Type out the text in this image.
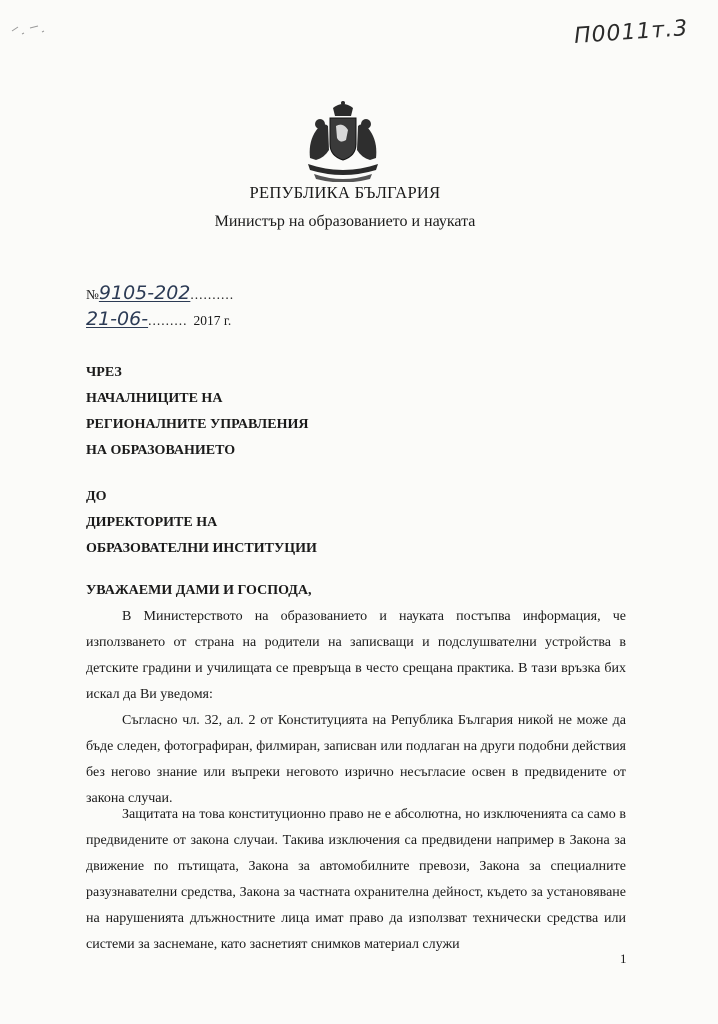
П0011т.3
РЕПУБЛИКА БЪЛГАРИЯ
Министър на образованието и науката
№9105-202..........
21-06-......... 2017 г.
ЧРЕЗ
НАЧАЛНИЦИТЕ НА
РЕГИОНАЛНИТЕ УПРАВЛЕНИЯ
НА ОБРАЗОВАНИЕТО
ДО
ДИРЕКТОРИТЕ НА
ОБРАЗОВАТЕЛНИ ИНСТИТУЦИИ
УВАЖАЕМИ ДАМИ И ГОСПОДА,
В Министерството на образованието и науката постъпва информация, че използването от страна на родители на записващи и подслушвателни устройства в детските градини и училищата се превръща в често срещана практика. В тази връзка бих искал да Ви уведомя:
Съгласно чл. 32, ал. 2 от Конституцията на Република България никой не може да бъде следен, фотографиран, филмиран, записван или подлаган на други подобни действия без негово знание или въпреки неговото изрично несъгласие освен в предвидените от закона случаи.
Защитата на това конституционно право не е абсолютна, но изключенията са само в предвидените от закона случаи. Такива изключения са предвидени например в Закона за движение по пътищата, Закона за автомобилните превози, Закона за специалните разузнавателни средства, Закона за частната охранителна дейност, където за установяване на нарушенията длъжностните лица имат право да използват технически средства или системи за заснемане, като заснетият снимков материал служи
1
